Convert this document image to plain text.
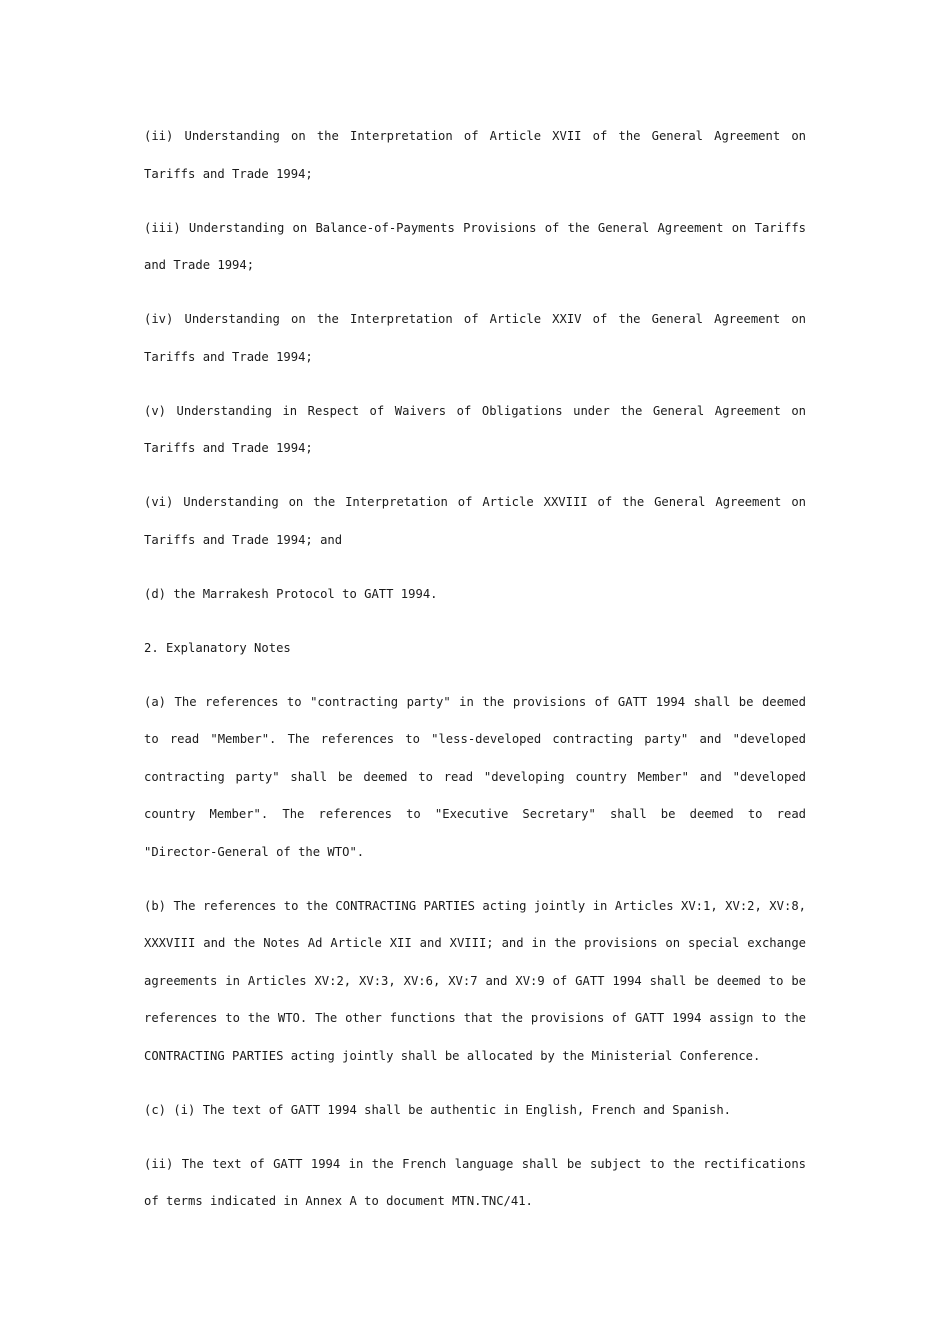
(ii) Understanding on the Interpretation of Article XVII of the General Agreement on Tariffs and Trade 1994;

(iii) Understanding on Balance-of-Payments Provisions of the General Agreement on Tariffs and Trade 1994;

(iv) Understanding on the Interpretation of Article XXIV of the General Agreement on Tariffs and Trade 1994;

(v) Understanding in Respect of Waivers of Obligations under the General Agreement on Tariffs and Trade 1994;

(vi) Understanding on the Interpretation of Article XXVIII of the General Agreement on Tariffs and Trade 1994; and

(d) the Marrakesh Protocol to GATT 1994.

2. Explanatory Notes

(a) The references to "contracting party" in the provisions of GATT 1994 shall be deemed to read "Member". The references to "less-developed contracting party" and "developed contracting party" shall be deemed to read "developing country Member" and "developed country Member". The references to "Executive Secretary" shall be deemed to read "Director-General of the WTO".

(b) The references to the CONTRACTING PARTIES acting jointly in Articles XV:1, XV:2, XV:8, XXXVIII and the Notes Ad Article XII and XVIII; and in the provisions on special exchange agreements in Articles XV:2, XV:3, XV:6, XV:7 and XV:9 of GATT 1994 shall be deemed to be references to the WTO. The other functions that the provisions of GATT 1994 assign to the CONTRACTING PARTIES acting jointly shall be allocated by the Ministerial Conference.

(c) (i) The text of GATT 1994 shall be authentic in English, French and Spanish.

(ii) The text of GATT 1994 in the French language shall be subject to the rectifications of terms indicated in Annex A to document MTN.TNC/41.
